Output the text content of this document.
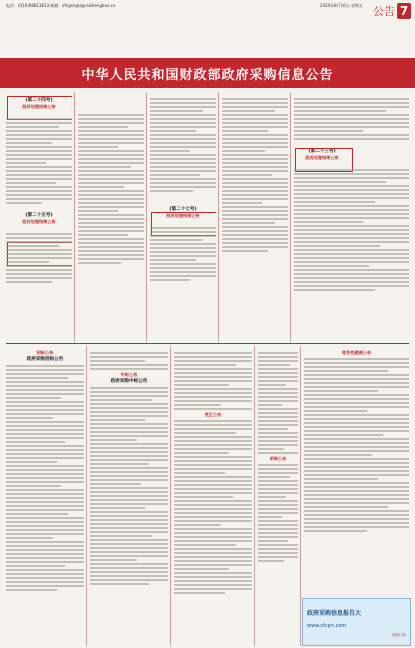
电话：(010)68813813 邮箱：zfcgxx@zgcaizhengbao.cn	2024年8月16日 星期五 公告 7
中华人民共和国财政部政府采购信息公告
(第二十四号)
投诉处理结果公告
(第二十五号)
投诉处理结果公告
(第二十七号)
投诉处理结果公告
(第二十三号)
投诉处理结果公告
招标公告
政府采购招标公告
中标公告
政府采购中标公告
更正公告
采购公告
竞争性磋商公告
政府采购信息报告大
www.cfcpn.com
欢迎订阅
